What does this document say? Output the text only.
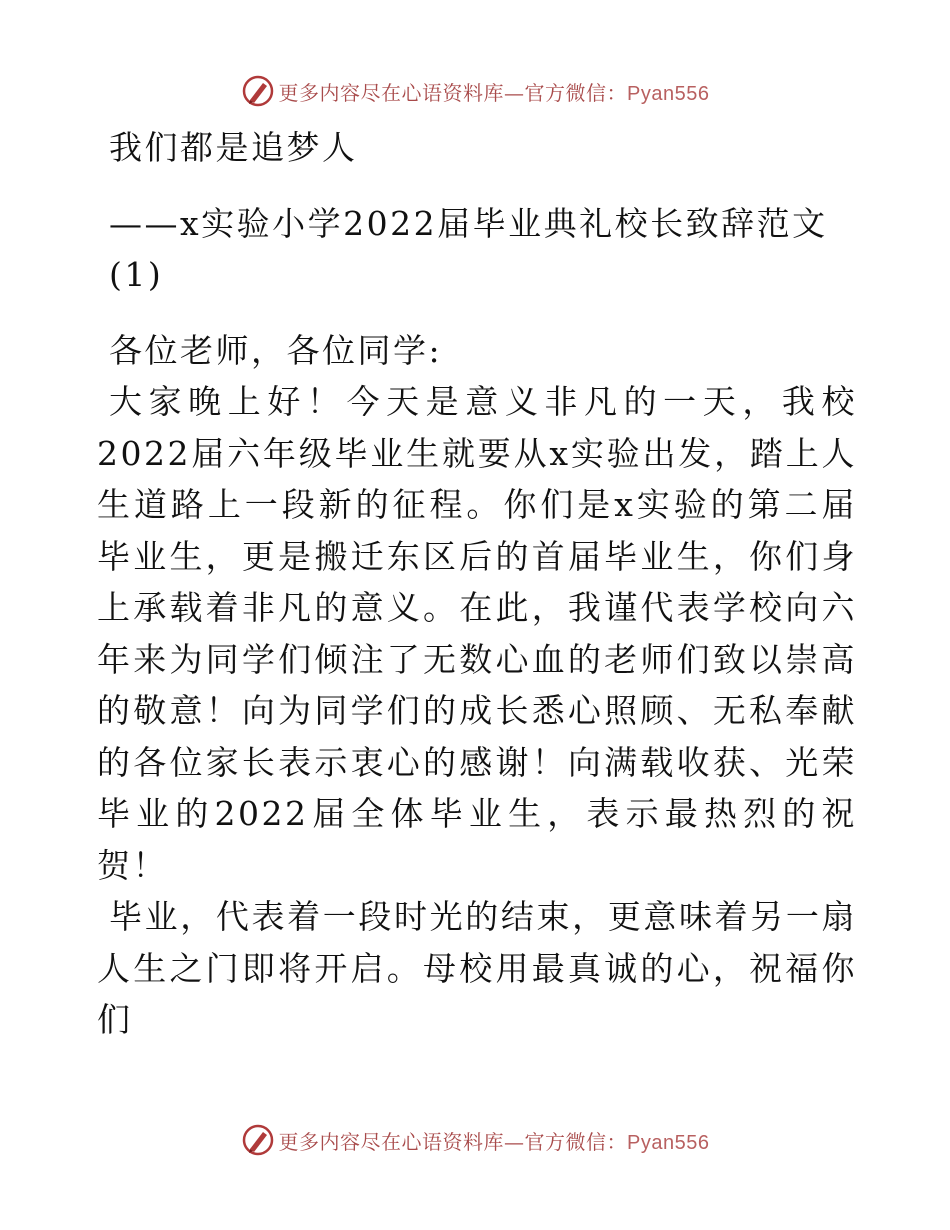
更多内容尽在心语资料库—官方微信：Pyan556

我们都是追梦人

——x实验小学2022届毕业典礼校长致辞范文

(1)

各位老师，各位同学:

大家晚上好！今天是意义非凡的一天，我校2022届六年级毕业生就要从x实验出发，踏上人生道路上一段新的征程。你们是x实验的第二届毕业生，更是搬迁东区后的首届毕业生，你们身上承载着非凡的意义。在此，我谨代表学校向六年来为同学们倾注了无数心血的老师们致以崇高的敬意！向为同学们的成长悉心照顾、无私奉献的各位家长表示衷心的感谢！向满载收获、光荣毕业的2022届全体毕业生，表示最热烈的祝贺！

毕业，代表着一段时光的结束，更意味着另一扇人生之门即将开启。母校用最真诚的心，祝福你们

更多内容尽在心语资料库—官方微信：Pyan556
